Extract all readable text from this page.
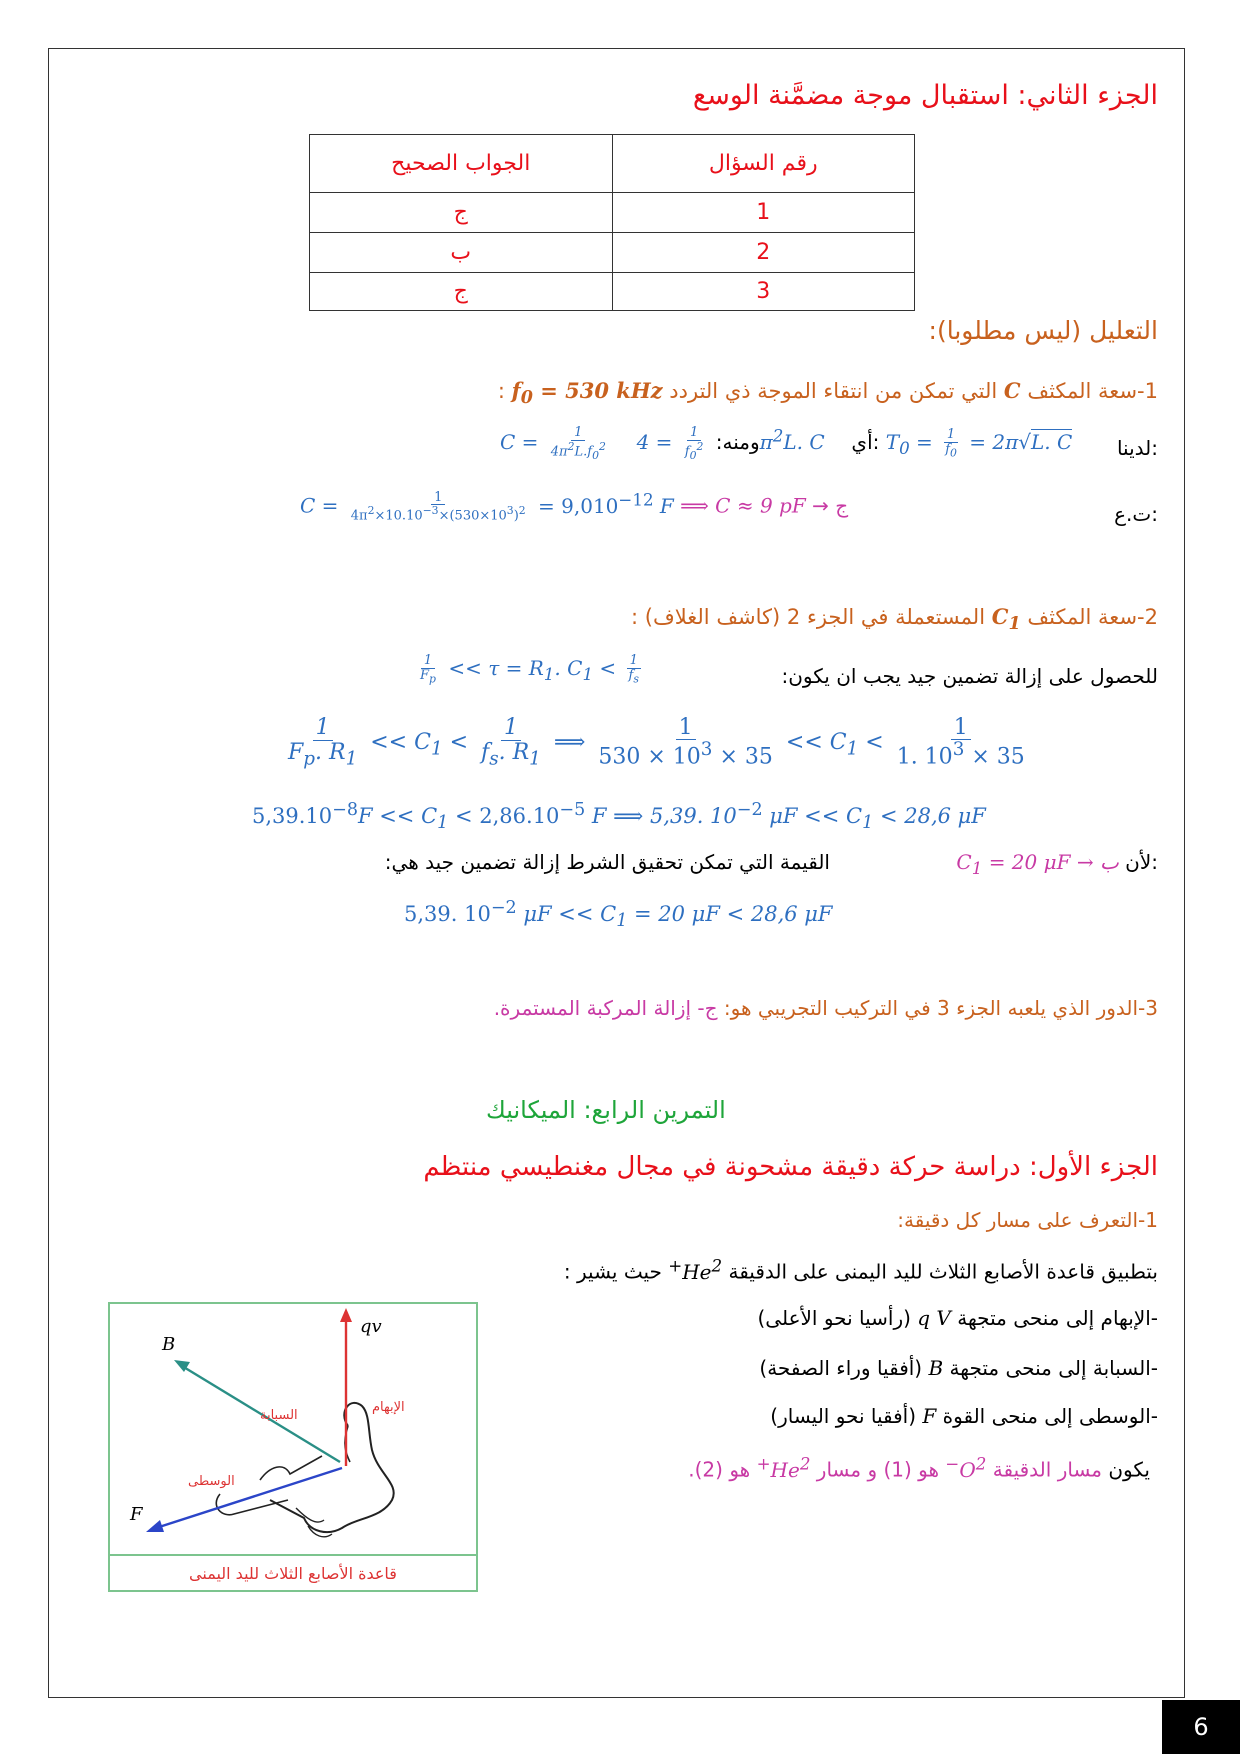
الجزء الثاني: استقبال موجة مضمَّنة الوسع
الجواب الصحيح	رقم السؤال
ج	1
ب	2
ج	3
التعليل (ليس مطلوبا):
1-سعة المكثف C التي تمكن من انتقاء الموجة ذي التردد $f_0 = 530$ kHz :
$C = \frac{1}{4\pi^2L.f_0^2}$	ومنه:
$\frac{1}{f_0^2}$
= $4\pi^2L$. C أي: $T_0 = \frac{1}{f_0} = 2\pi√L$. C لدينا:
$C = \frac{1}{4\pi^2\times 10.10^{-3}\times(530\times 10^3)^2} = 9,010^{-12}$ F ⟹ C ≈ 9 pF → ج	ت.ع:
2-سعة المكثف $C_1$ المستعملة في الجزء 2 (كاشف الغلاف) :
$\frac{1}{F_p} << \tau = R_1$. $C_1 < \frac{1}{f_s}$	للحصول على إزالة تضمين جيد يجب ان يكون:
$\frac{1}{F_p. R_1} << C_1 < \frac{1}{f_s. R_1}$ ⟹ $\frac{1}{530 \times 10^3 \times 35} << C_1 < \frac{1}{1. 10^3 \times 35}$
$5,39.10^{-8}F << C_1 < 2,86.10^{-5}$ F ⟹ 5,39. $10^{-2}$ $\mu F << C_1 < 28,6$ μF
$C_1 = 20$ μF → ب لأن:
القيمة التي تمكن تحقيق الشرط إزالة تضمين جيد هي:
5,39. $10^{-2}$ $\mu F << C_1 = 20$ μF < 28,6 μF
3-الدور الذي يلعبه الجزء 3 في التركيب التجريبي هو: ج- إزالة المركبة المستمرة.
التمرين الرابع: الميكانيك
الجزء الأول: دراسة حركة دقيقة مشحونة في مجال مغنطيسي منتظم
1-التعرف على مسار كل دقيقة:
بتطبيق قاعدة الأصابع الثلاث لليد اليمنى على الدقيقة $He^{2+}$ حيث يشير :
-الإبهام إلى منحى متجهة q V (رأسيا نحو الأعلى)
-السبابة إلى منحى متجهة B (أفقيا وراء الصفحة)
-الوسطى إلى منحى القوة F (أفقيا نحو اليسار)
يكون مسار الدقيقة $O^{2-}$ هو (1) و مسار $He^{2+}$ هو (2).
B
qv
F
الإبهام
السبابة
الوسطى
قاعدة الأصابع الثلاث لليد اليمنى
6
